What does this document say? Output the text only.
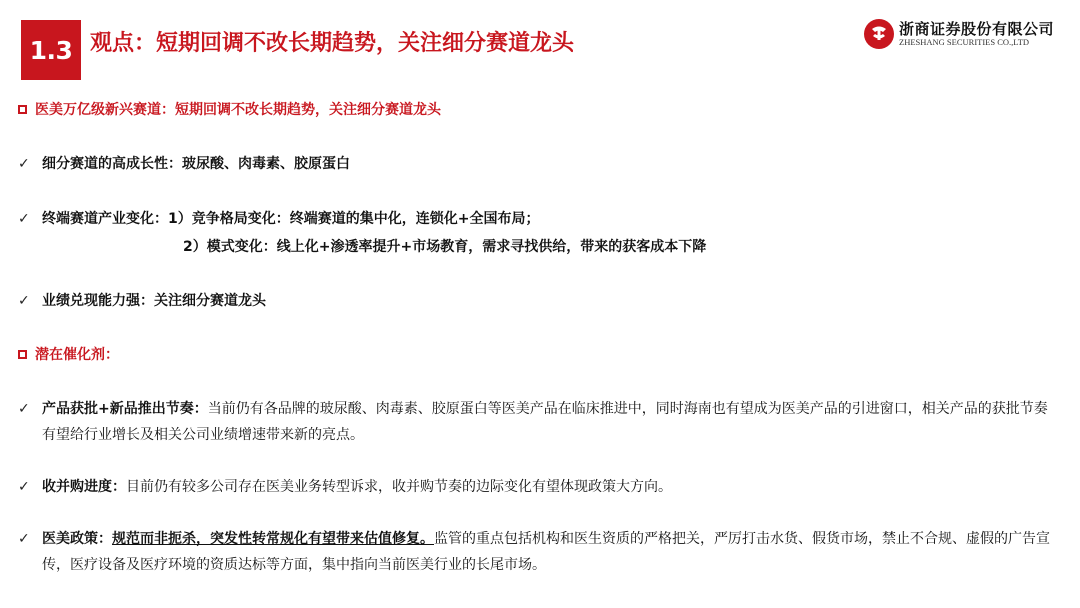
1.3 观点：短期回调不改长期趋势，关注细分赛道龙头
浙商证券股份有限公司
ZHESHANG SECURITIES CO.,LTD
医美万亿级新兴赛道：短期回调不改长期趋势，关注细分赛道龙头
✓ 细分赛道的高成长性：玻尿酸、肉毒素、胶原蛋白
✓ 终端赛道产业变化：1）竞争格局变化：终端赛道的集中化，连锁化+全国布局；
2）模式变化：线上化+渗透率提升+市场教育，需求寻找供给，带来的获客成本下降
✓ 业绩兑现能力强：关注细分赛道龙头
潜在催化剂：
✓ 产品获批+新品推出节奏：当前仍有各品牌的玻尿酸、肉毒素、胶原蛋白等医美产品在临床推进中，同时海南也有望成为医美产品的引进窗口，相关产品的获批节奏有望给行业增长及相关公司业绩增速带来新的亮点。
✓ 收并购进度：目前仍有较多公司存在医美业务转型诉求，收并购节奏的边际变化有望体现政策大方向。
✓ 医美政策：规范而非扼杀，突发性转常规化有望带来估值修复。监管的重点包括机构和医生资质的严格把关，严厉打击水货、假货市场，禁止不合规、虚假的广告宣传，医疗设备及医疗环境的资质达标等方面，集中指向当前医美行业的长尾市场。
